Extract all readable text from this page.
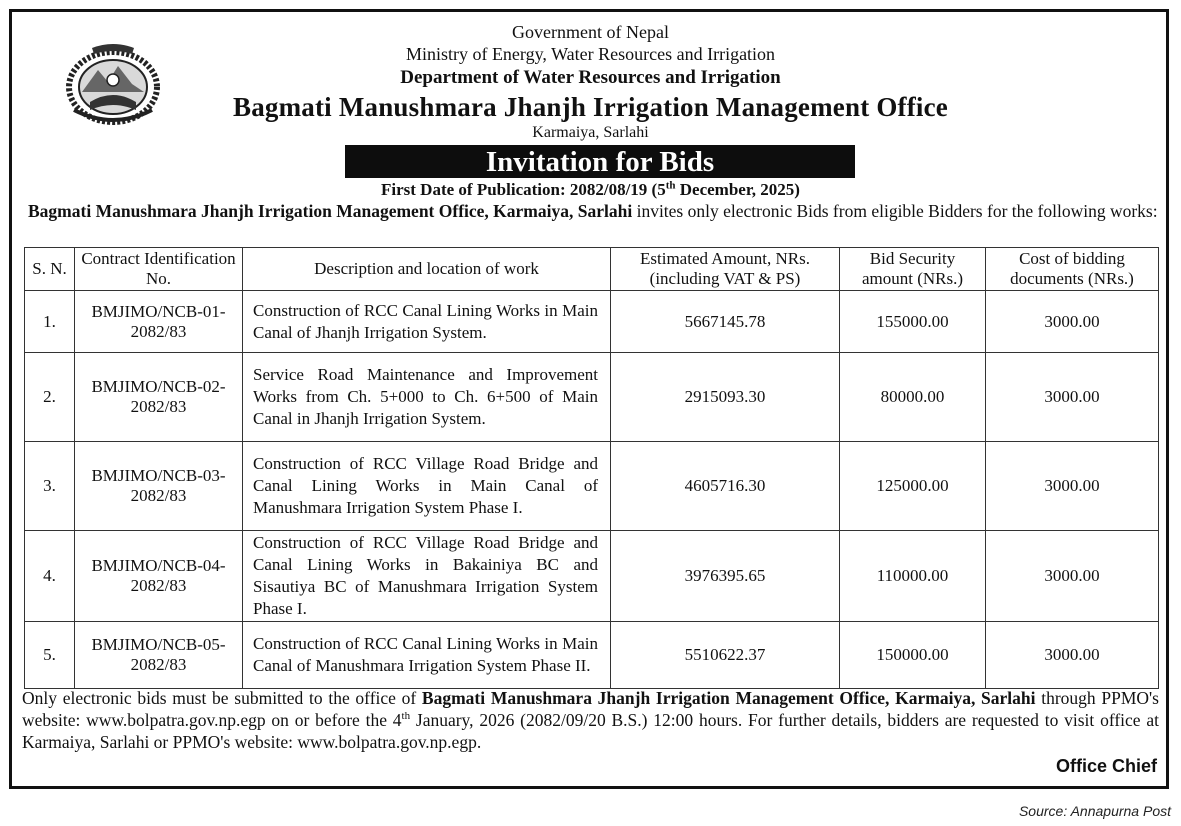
Government of Nepal
Ministry of Energy, Water Resources and Irrigation
Department of Water Resources and Irrigation
Bagmati Manushmara Jhanjh Irrigation Management Office
Karmaiya, Sarlahi
Invitation for Bids
First Date of Publication: 2082/08/19 (5th December, 2025)
Bagmati Manushmara Jhanjh Irrigation Management Office, Karmaiya, Sarlahi invites only electronic Bids from eligible Bidders for the following works:
S. N.	Contract Identification No.	Description and location of work	Estimated Amount, NRs. (including VAT & PS)	Bid Security amount (NRs.)	Cost of bidding documents (NRs.)
1.	BMJIMO/NCB-01-2082/83	Construction of RCC Canal Lining Works in Main Canal of Jhanjh Irrigation System.	5667145.78	155000.00	3000.00
2.	BMJIMO/NCB-02-2082/83	Service Road Maintenance and Improvement Works from Ch. 5+000 to Ch. 6+500 of Main Canal in Jhanjh Irrigation System.	2915093.30	80000.00	3000.00
3.	BMJIMO/NCB-03-2082/83	Construction of RCC Village Road Bridge and Canal Lining Works in Main Canal of Manushmara Irrigation System Phase I.	4605716.30	125000.00	3000.00
4.	BMJIMO/NCB-04-2082/83	Construction of RCC Village Road Bridge and Canal Lining Works in Bakainiya BC and Sisautiya BC of Manushmara Irrigation System Phase I.	3976395.65	110000.00	3000.00
5.	BMJIMO/NCB-05-2082/83	Construction of RCC Canal Lining Works in Main Canal of Manushmara Irrigation System Phase II.	5510622.37	150000.00	3000.00
Only electronic bids must be submitted to the office of Bagmati Manushmara Jhanjh Irrigation Management Office, Karmaiya, Sarlahi through PPMO's website: www.bolpatra.gov.np.egp on or before the 4th January, 2026 (2082/09/20 B.S.) 12:00 hours. For further details, bidders are requested to visit office at Karmaiya, Sarlahi or PPMO's website: www.bolpatra.gov.np.egp.
Office Chief
Source: Annapurna Post
